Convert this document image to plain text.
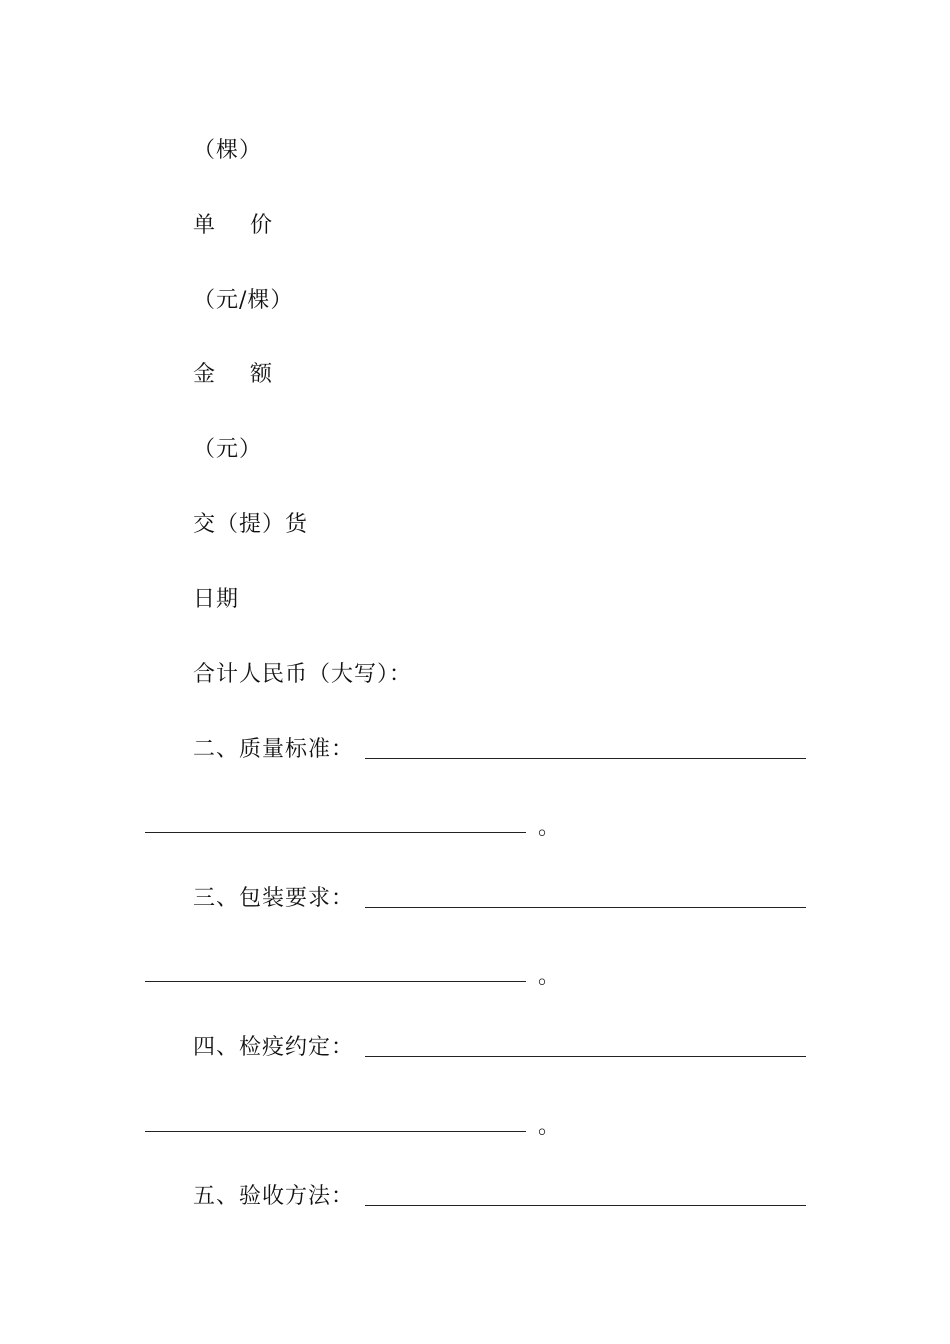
（棵）
单 价
（元/棵）
金 额
（元）
交（提）货
日期
合计人民币（大写）：
二、质量标准：
。
三、包装要求：
。
四、检疫约定：
。
五、验收方法：
